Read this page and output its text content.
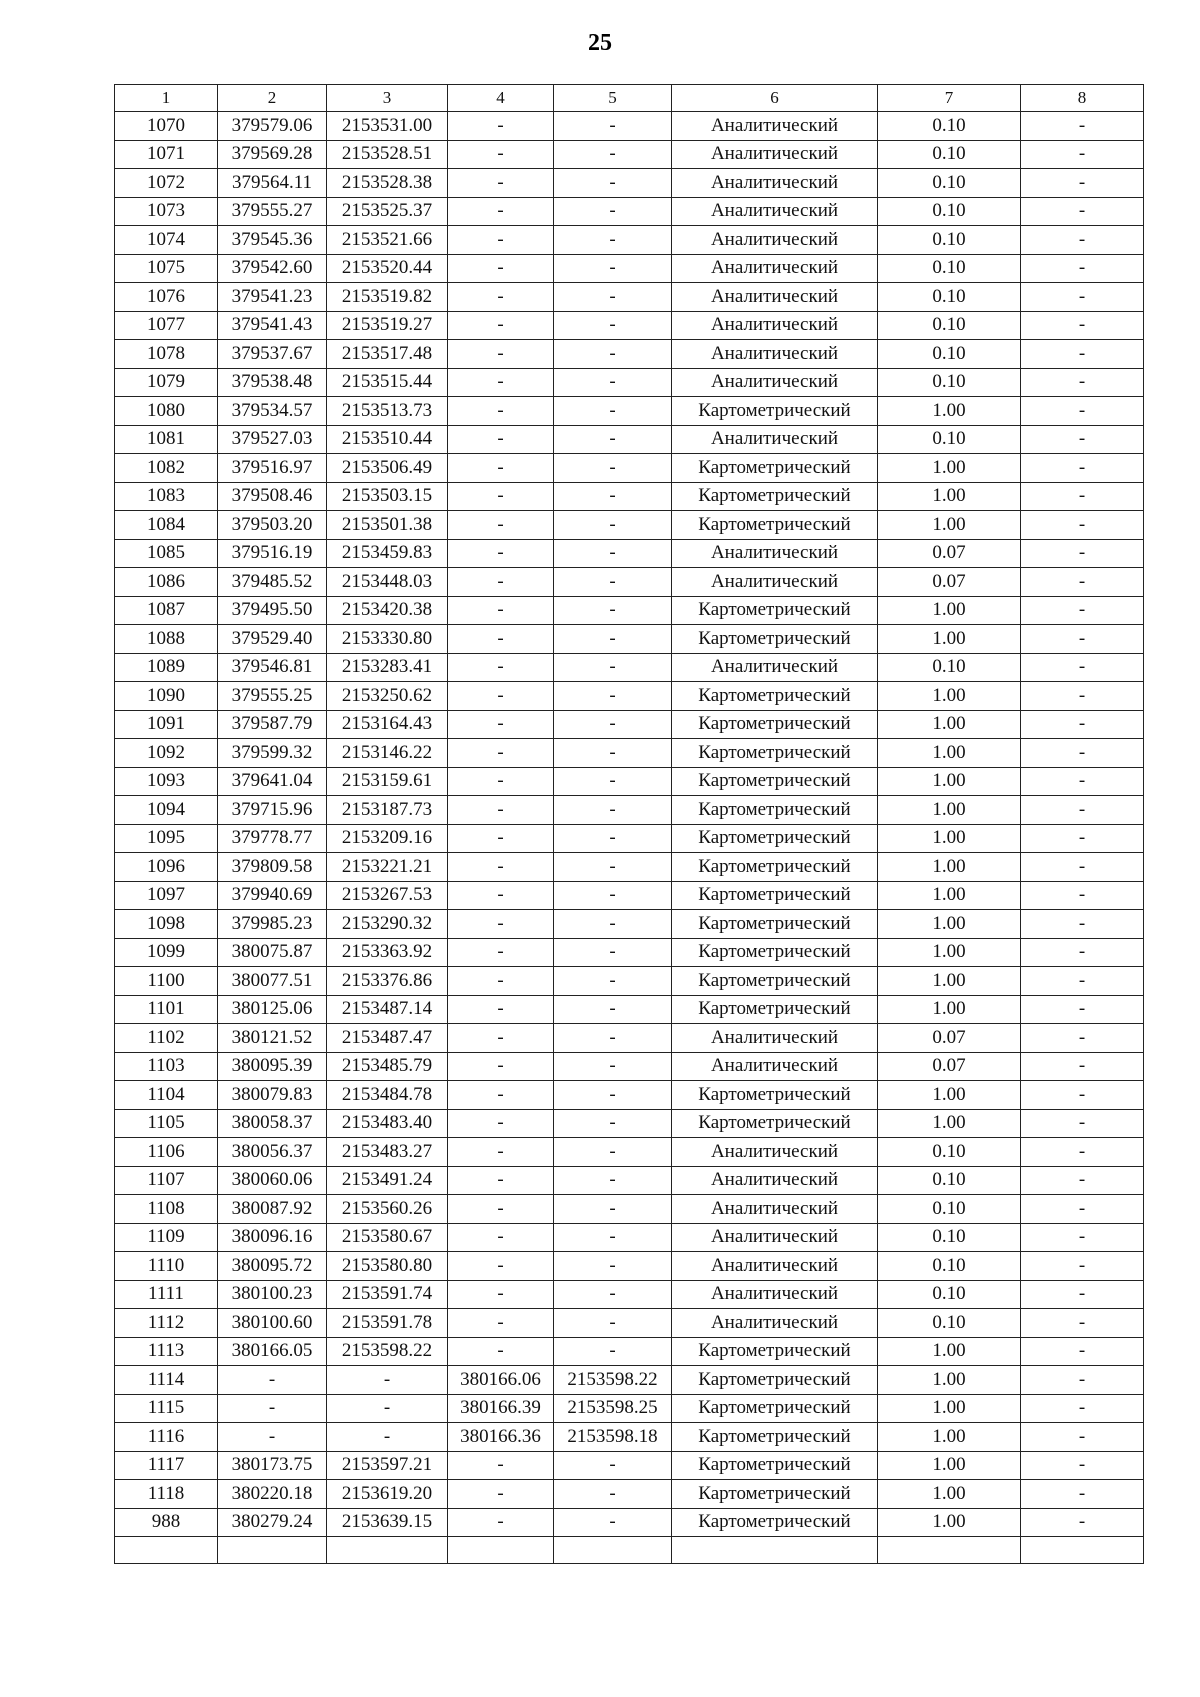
25
1	2	3	4	5	6	7	8
1070	379579.06	2153531.00	-	-	Аналитический	0.10	-
1071	379569.28	2153528.51	-	-	Аналитический	0.10	-
1072	379564.11	2153528.38	-	-	Аналитический	0.10	-
1073	379555.27	2153525.37	-	-	Аналитический	0.10	-
1074	379545.36	2153521.66	-	-	Аналитический	0.10	-
1075	379542.60	2153520.44	-	-	Аналитический	0.10	-
1076	379541.23	2153519.82	-	-	Аналитический	0.10	-
1077	379541.43	2153519.27	-	-	Аналитический	0.10	-
1078	379537.67	2153517.48	-	-	Аналитический	0.10	-
1079	379538.48	2153515.44	-	-	Аналитический	0.10	-
1080	379534.57	2153513.73	-	-	Картометрический	1.00	-
1081	379527.03	2153510.44	-	-	Аналитический	0.10	-
1082	379516.97	2153506.49	-	-	Картометрический	1.00	-
1083	379508.46	2153503.15	-	-	Картометрический	1.00	-
1084	379503.20	2153501.38	-	-	Картометрический	1.00	-
1085	379516.19	2153459.83	-	-	Аналитический	0.07	-
1086	379485.52	2153448.03	-	-	Аналитический	0.07	-
1087	379495.50	2153420.38	-	-	Картометрический	1.00	-
1088	379529.40	2153330.80	-	-	Картометрический	1.00	-
1089	379546.81	2153283.41	-	-	Аналитический	0.10	-
1090	379555.25	2153250.62	-	-	Картометрический	1.00	-
1091	379587.79	2153164.43	-	-	Картометрический	1.00	-
1092	379599.32	2153146.22	-	-	Картометрический	1.00	-
1093	379641.04	2153159.61	-	-	Картометрический	1.00	-
1094	379715.96	2153187.73	-	-	Картометрический	1.00	-
1095	379778.77	2153209.16	-	-	Картометрический	1.00	-
1096	379809.58	2153221.21	-	-	Картометрический	1.00	-
1097	379940.69	2153267.53	-	-	Картометрический	1.00	-
1098	379985.23	2153290.32	-	-	Картометрический	1.00	-
1099	380075.87	2153363.92	-	-	Картометрический	1.00	-
1100	380077.51	2153376.86	-	-	Картометрический	1.00	-
1101	380125.06	2153487.14	-	-	Картометрический	1.00	-
1102	380121.52	2153487.47	-	-	Аналитический	0.07	-
1103	380095.39	2153485.79	-	-	Аналитический	0.07	-
1104	380079.83	2153484.78	-	-	Картометрический	1.00	-
1105	380058.37	2153483.40	-	-	Картометрический	1.00	-
1106	380056.37	2153483.27	-	-	Аналитический	0.10	-
1107	380060.06	2153491.24	-	-	Аналитический	0.10	-
1108	380087.92	2153560.26	-	-	Аналитический	0.10	-
1109	380096.16	2153580.67	-	-	Аналитический	0.10	-
1110	380095.72	2153580.80	-	-	Аналитический	0.10	-
1111	380100.23	2153591.74	-	-	Аналитический	0.10	-
1112	380100.60	2153591.78	-	-	Аналитический	0.10	-
1113	380166.05	2153598.22	-	-	Картометрический	1.00	-
1114	-	-	380166.06	2153598.22	Картометрический	1.00	-
1115	-	-	380166.39	2153598.25	Картометрический	1.00	-
1116	-	-	380166.36	2153598.18	Картометрический	1.00	-
1117	380173.75	2153597.21	-	-	Картометрический	1.00	-
1118	380220.18	2153619.20	-	-	Картометрический	1.00	-
988	380279.24	2153639.15	-	-	Картометрический	1.00	-
